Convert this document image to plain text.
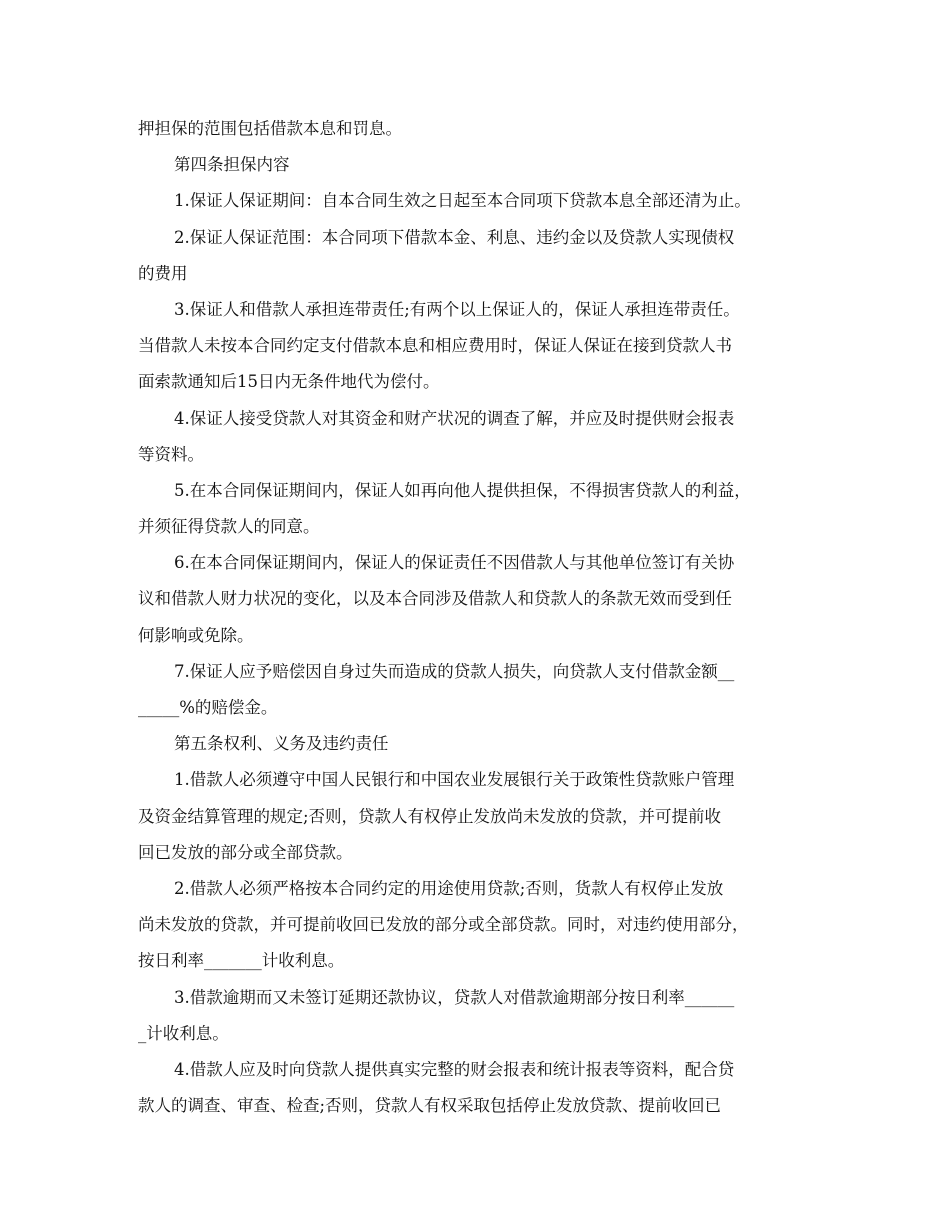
押担保的范围包括借款本息和罚息。
第四条担保内容
1.保证人保证期间：自本合同生效之日起至本合同项下贷款本息全部还清为止。
2.保证人保证范围：本合同项下借款本金、利息、违约金以及贷款人实现债权
的费用
3.保证人和借款人承担连带责任;有两个以上保证人的，保证人承担连带责任。
当借款人未按本合同约定支付借款本息和相应费用时，保证人保证在接到贷款人书
面索款通知后15日内无条件地代为偿付。
4.保证人接受贷款人对其资金和财产状况的调查了解，并应及时提供财会报表
等资料。
5.在本合同保证期间内，保证人如再向他人提供担保，不得损害贷款人的利益，
并须征得贷款人的同意。
6.在本合同保证期间内，保证人的保证责任不因借款人与其他单位签订有关协
议和借款人财力状况的变化，以及本合同涉及借款人和贷款人的条款无效而受到任
何影响或免除。
7.保证人应予赔偿因自身过失而造成的贷款人损失，向贷款人支付借款金额__
_____%的赔偿金。
第五条权利、义务及违约责任
1.借款人必须遵守中国人民银行和中国农业发展银行关于政策性贷款账户管理
及资金结算管理的规定;否则，贷款人有权停止发放尚未发放的贷款，并可提前收
回已发放的部分或全部贷款。
2.借款人必须严格按本合同约定的用途使用贷款;否则，货款人有权停止发放
尚未发放的贷款，并可提前收回已发放的部分或全部贷款。同时，对违约使用部分，
按日利率_______计收利息。
3.借款逾期而又未签订延期还款协议，贷款人对借款逾期部分按日利率______
_计收利息。
4.借款人应及时向贷款人提供真实完整的财会报表和统计报表等资料，配合贷
款人的调查、审查、检查;否则，贷款人有权采取包括停止发放贷款、提前收回已
